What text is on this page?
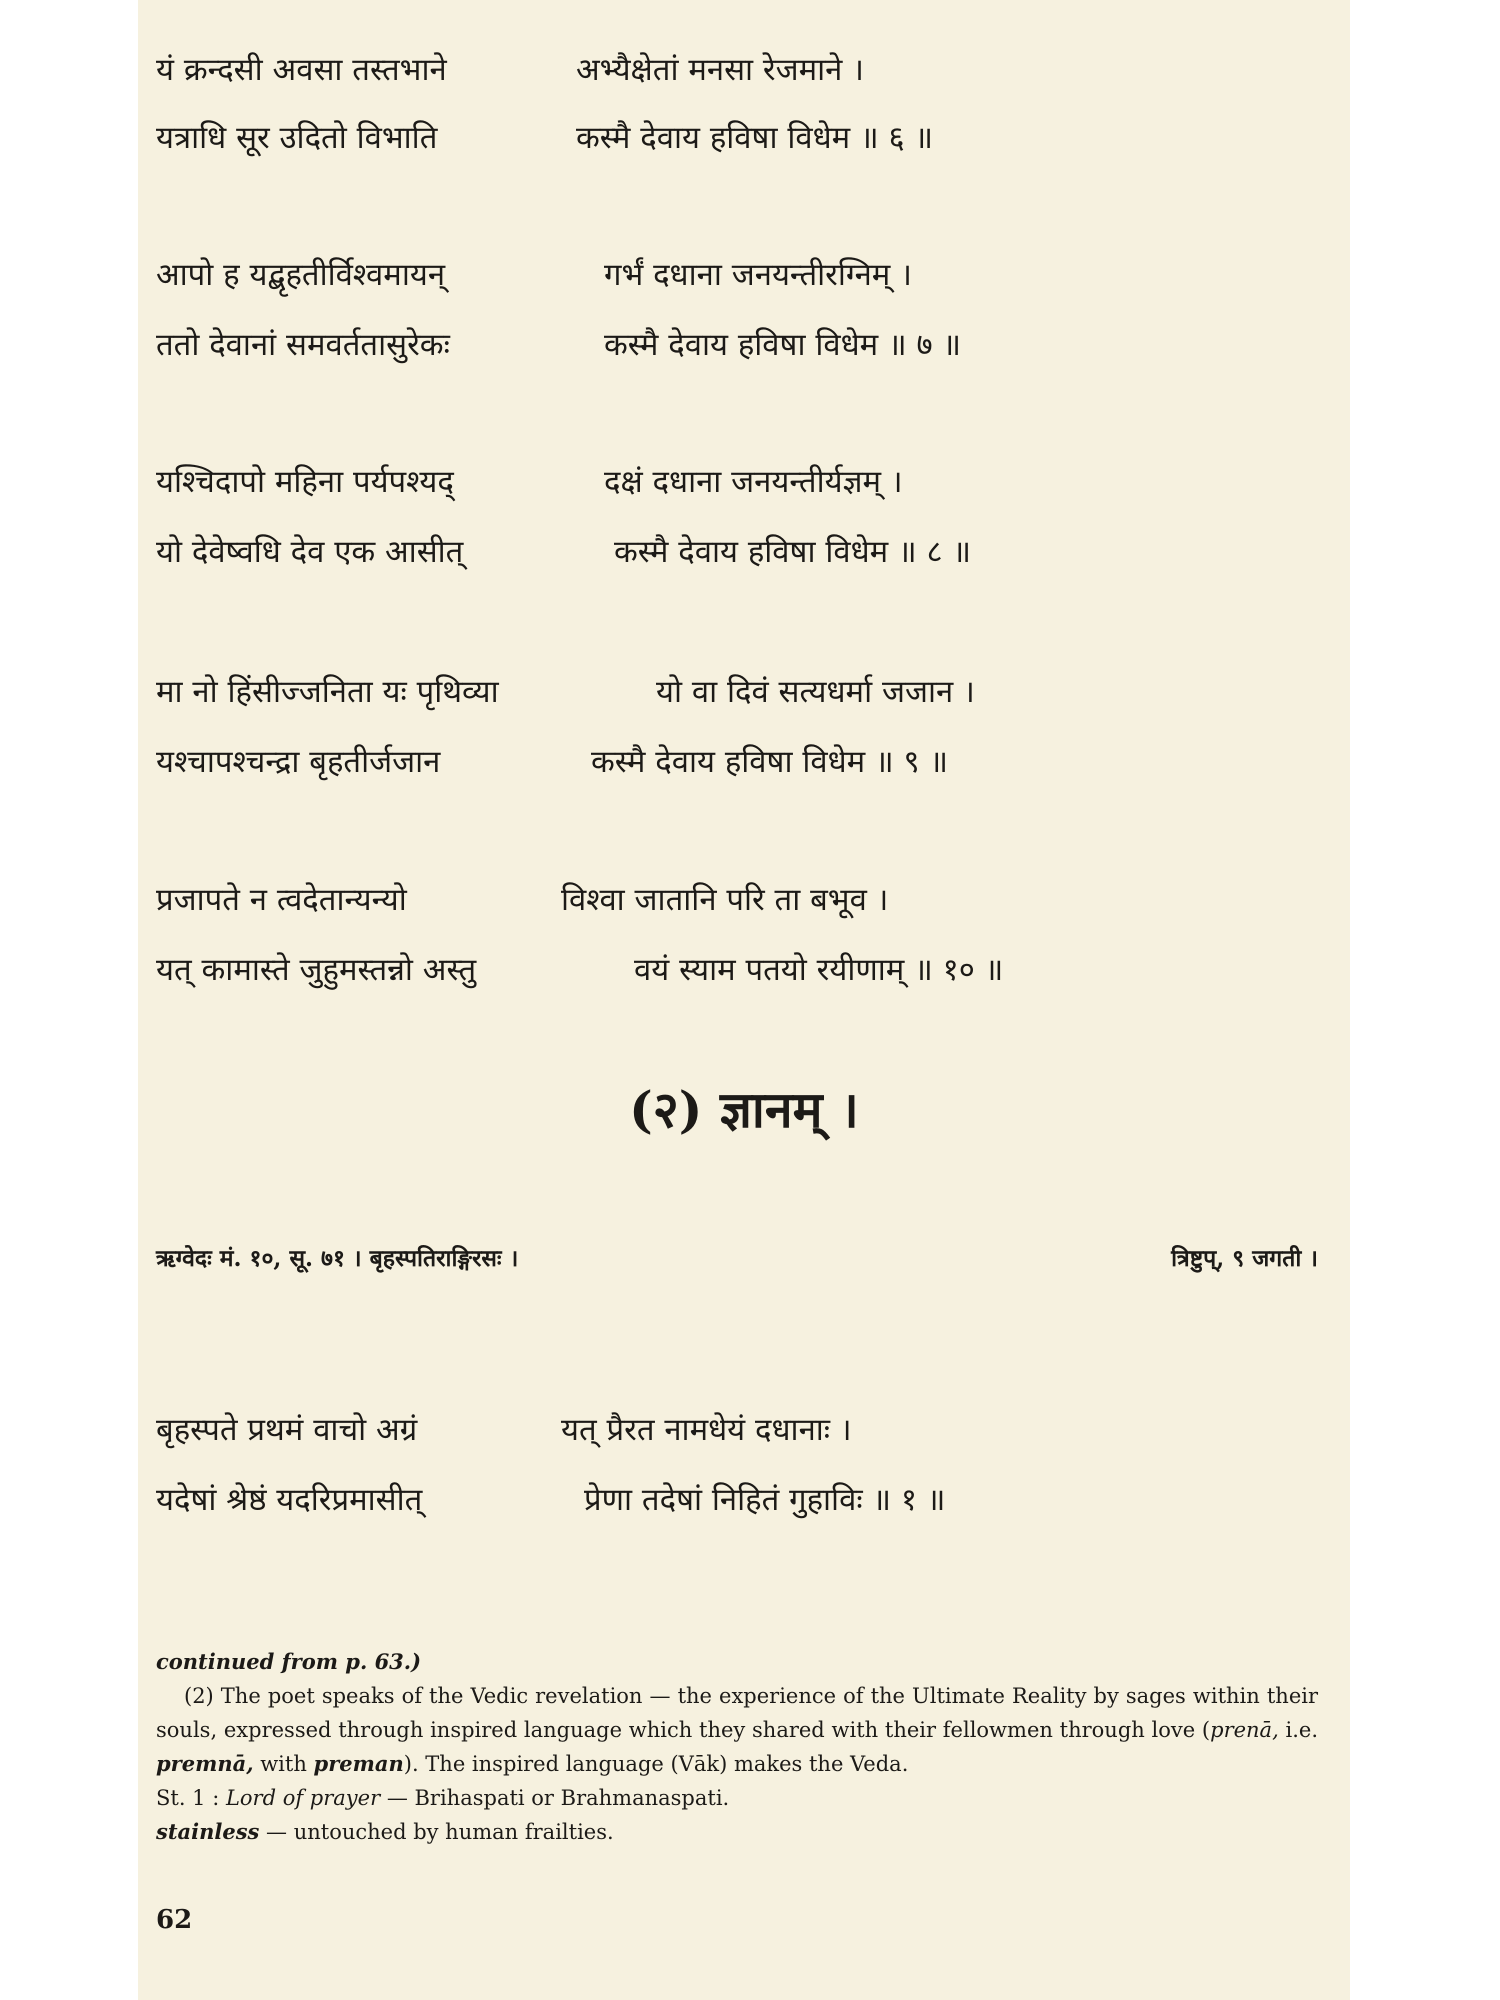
यं क्रन्दसी अवसा तस्तभाने	अभ्यैक्षेतां मनसा रेजमाने ।
यत्राधि सूर उदितो विभाति	कस्मै देवाय हविषा विधेम ॥ ६ ॥
आपो ह यद्बृहतीर्विश्वमायन्	गर्भं दधाना जनयन्तीरग्निम् ।
ततो देवानां समवर्ततासुरेकः	कस्मै देवाय हविषा विधेम ॥ ७ ॥
यश्चिदापो महिना पर्यपश्यद्	दक्षं दधाना जनयन्तीर्यज्ञम् ।
यो देवेष्वधि देव एक आसीत्	कस्मै देवाय हविषा विधेम ॥ ८ ॥
मा नो हिंसीज्जनिता यः पृथिव्या	यो वा दिवं सत्यधर्मा जजान ।
यश्चापश्चन्द्रा बृहतीर्जजान	कस्मै देवाय हविषा विधेम ॥ ९ ॥
प्रजापते न त्वदेतान्यन्यो	विश्वा जातानि परि ता बभूव ।
यत् कामास्ते जुहुमस्तन्नो अस्तु	वयं स्याम पतयो रयीणाम् ॥ १० ॥
(२) ज्ञानम् ।
ऋग्वेदः मं. १०, सू. ७१ । बृहस्पतिराङ्गिरसः ।	त्रिष्टुप्, ९ जगती ।
बृहस्पते प्रथमं वाचो अग्रं	यत् प्रैरत नामधेयं दधानाः ।
यदेषां श्रेष्ठं यदरिप्रमासीत्	प्रेणा तदेषां निहितं गुहाविः ॥ १ ॥

continued from p. 63.)

(2) The poet speaks of the Vedic revelation — the experience of the Ultimate Reality by sages within their souls, expressed through inspired language which they shared with their fellowmen through love (prenā, i.e. premnā, with preman). The inspired language (Vāk) makes the Veda.

St. 1 : Lord of prayer — Brihaspati or Brahmanaspati.

stainless — untouched by human frailties.

62
